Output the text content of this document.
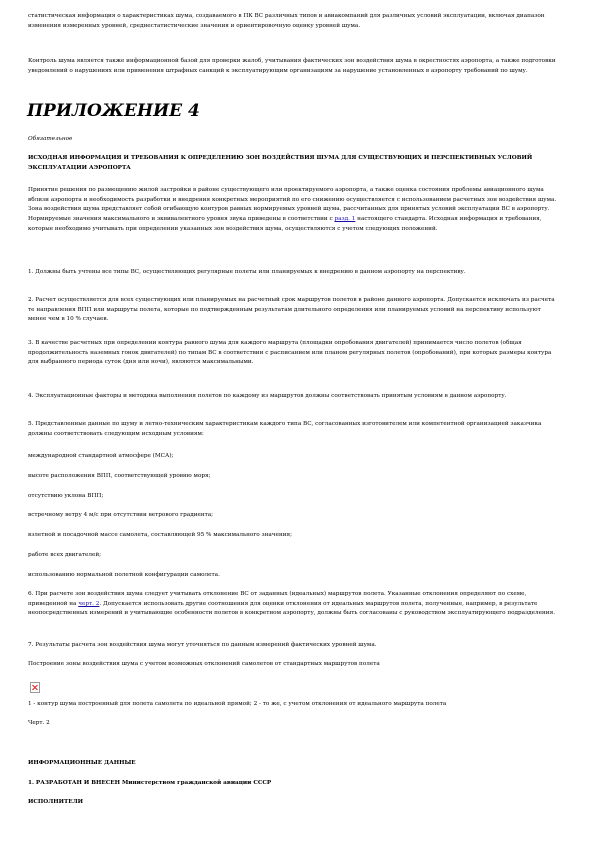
статистическая информация о характеристиках шума, создаваемого в ПК ВС различных типов и авиакомпаний для различных условий эксплуатации, включая диапазон изменения измеренных уровней, среднестатистические значения и ориентировочную оценку уровней шума.
Контроль шума является также информационной базой для проверки жалоб, учитывания фактических зон воздействия шума в окрестностях аэропорта, а также подготовки уведомлений о нарушениях или применения штрафных санкций к эксплуатирующим организациям за нарушение установленных в аэропорту требований по шуму.
ПРИЛОЖЕНИЕ 4
Обязательное
ИСХОДНАЯ ИНФОРМАЦИЯ И ТРЕБОВАНИЯ К ОПРЕДЕЛЕНИЮ ЗОН ВОЗДЕЙСТВИЯ ШУМА ДЛЯ СУЩЕСТВУЮЩИХ И ПЕРСПЕКТИВНЫХ УСЛОВИЙ ЭКСПЛУАТАЦИИ АЭРОПОРТА
Принятие решения по размещению жилой застройки в районе существующего или проектируемого аэропорта, а также оценка состояния проблемы авиационного шума вблизи аэропорта и необходимость разработки и внедрения конкретных мероприятий по его снижению осуществляется с использованием расчетных зон воздействия шума. Зона воздействия шума представляет собой огибающую контуров равных нормируемых уровней шума, рассчитанных для принятых условий эксплуатации ВС в аэропорту. Нормируемые значения максимального и эквивалентного уровня звука приведены в соответствии с разд. 1 настоящего стандарта. Исходная информация и требования, которые необходимо учитывать при определении указанных зон воздействия шума, осуществляются с учетом следующих положений.
1. Должны быть учтены все типы ВС, осуществляющих регулярные полеты или планируемых к внедрению в данном аэропорту на перспективу.
2. Расчет осуществляется для всех существующих или планируемых на расчетный срок маршрутов полетов в районе данного аэропорта. Допускается исключать из расчета те направления ВПП или маршруты полета, которые по подтвержденным результатам длительного определения или планируемых условий на перспективу используют менее чем в 10 % случаев.
3. В качестве расчетных при определении контура равного шума для каждого маршрута (площадки опробования двигателей) принимается число полетов (общая продолжительность наземных гонок двигателей) по типам ВС в соответствии с расписанием или планом регулярных полетов (опробований), при которых размеры контура для выбранного периода суток (дня или ночи), являются максимальными.
4. Эксплуатационные факторы и методика выполнения полетов по каждому из маршрутов должны соответствовать принятым условиям в данном аэропорту.
5. Представленные данные по шуму и летно-техническим характеристикам каждого типа ВС, согласованных изготовителем или компетентной организацией заказчика должны соответствовать следующим исходным условиям:
международной стандартной атмосфере (МСА);
высоте расположения ВПП, соответствующей уровню моря;
отсутствию уклона ВПП;
встречному ветру 4 м/с при отсутствии ветрового градиента;
взлетной и посадочной массе самолета, составляющей 95 % максимального значения;
работе всех двигателей;
использованию нормальной полетной конфигурации самолета.
6. При расчете зон воздействия шума следует учитывать отклонение ВС от заданных (идеальных) маршрутов полета. Указанные отклонения определяют по схеме, приведенной на черт. 2. Допускается использовать другие соотношения для оценки отклонения от идеальных маршрутов полета, полученные, например, в результате неопосредственных измерений и учитывающие особенности полетов в конкретном аэропорту, должны быть согласованы с руководством эксплуатирующего подразделения.
7. Результаты расчета зон воздействия шума могут уточняться по данным измерений фактических уровней шума.
Построение зоны воздействия шума с учетом возможных отклонений самолетов от стандартных маршрутов полета
1 - контур шума построенный для полета самолета по идеальной прямой; 2 - то же, с учетом отклонения от идеального маршрута полета
Черт. 2
ИНФОРМАЦИОННЫЕ ДАННЫЕ
1. РАЗРАБОТАН И ВНЕСЕН Министерством гражданской авиации СССР
ИСПОЛНИТЕЛИ
